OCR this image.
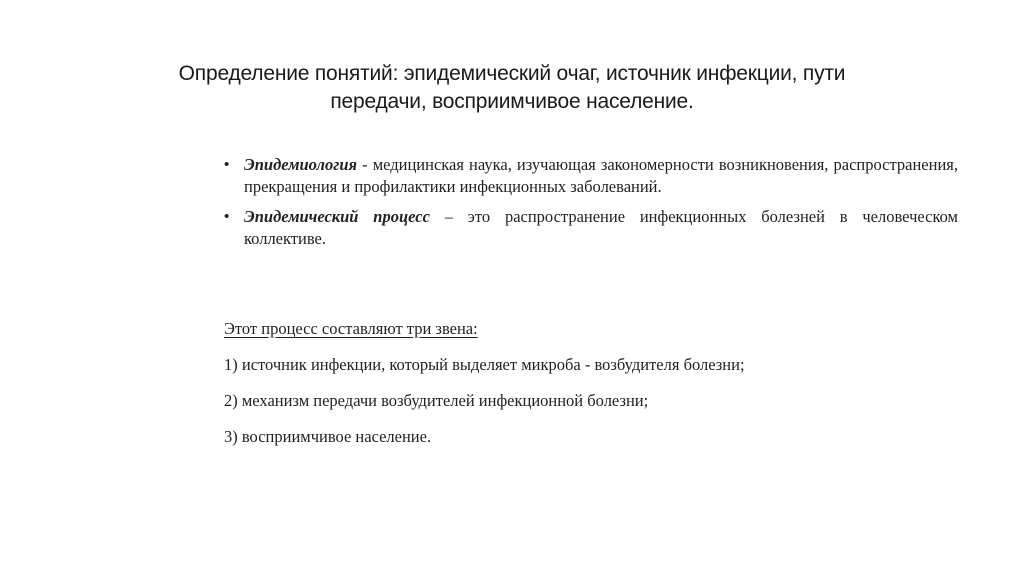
Определение понятий: эпидемический очаг, источник инфекции, пути
передачи, восприимчивое население.
• Эпидемиология - медицинская наука, изучающая закономерности возникновения, распространения, прекращения и профилактики инфекционных заболеваний.
• Эпидемический процесс – это распространение инфекционных болезней в человеческом коллективе.

Этот процесс составляют три звена:

1) источник инфекции, который выделяет микроба - возбудителя болезни;

2) механизм передачи возбудителей инфекционной болезни;

3) восприимчивое население.
